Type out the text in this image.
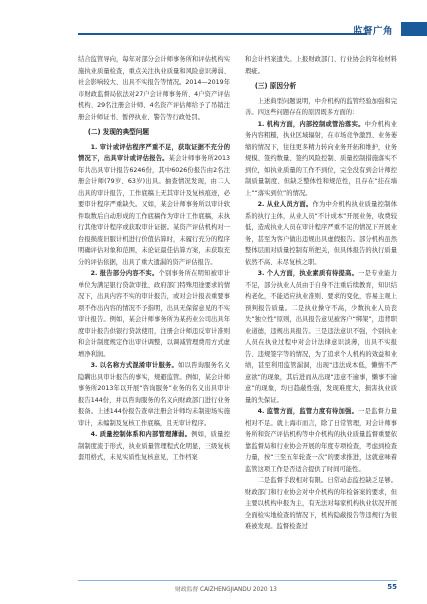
监督广角

结合监管导向，每年对部分会计师事务所和评估机构实施执业质量检查，重点关注执业质量和风险意识薄弱、社会影响较大、出具不实报告等情况。2014—2019年市财政监督局依法对27户会计师事务所、4户资产评估机构、29名注册会计师、4名资产评估师给予了吊销注册会计师证书、暂停执业、警告等行政处罚。

(二) 发现的典型问题

1. 审计或评估程序严重不足，获取证据不充分的情况下，出具审计或评估报告。某会计师事务所2013年共出具审计报告6246份，其中6026份报告由2名注册会计师(79岁、63岁)出具。抽查情况发现，由二人出具的审计报告，工作底稿上无其审计及复核痕迹，必要审计程序严重缺失。又如，某会计师事务所以审计软件取数后自动形成的工作底稿作为审计工作底稿，未执行其他审计程序或获取审计证据。某资产评估机构对一台报损废旧服计机进行价值估算时，未履行充分的程序明确评估对象和范围，未论证最佳估算方案，未获取充分的评估依据，出具了重大遗漏的资产评估报告。

2. 报告部分内容不实。个别事务所在明知被审计单位为满足银行贷款审批、政府部门特殊用途要求的情况下，出具内容不实的审计报告，或对会计报表重要事项不作出内容的情况不予指明，出具无保留意见的不实审计报告。例如，某会计师事务所为某药业公司出具年度审计报告供银行贷款使用，注册会计师违反审计准则和会计制度规定作出审计调整，以调减管理费用方式虚增净利润。

3. 以名称方式混淆审计服务。如以咨询服务名义隐瞒出具审计报告的事实，规避监管。例如，某会计师事务所2013年以开展“咨询服务”业务的名义出具审计报告144份，并以咨询服务的名义向财政部门进行业务报备。上述144份报告查章注册会计师均未制迎场实施审计，未编制及复核工作底稿，且无审计程序。

4. 质量控制体系和内部管理薄弱。例如，质量控制制度流于形式，执业质量管理程式化明显，三级复核套用格式，未见实质性复核意见，工作档案

和会计档案遗失。上报财政部门、行业协会的年检材料瑕疵。

(三) 原因分析

上述典型问题说明，中介机构的监管经验加强和完善。四这些问题存在的原因既多方面的：

1. 机构方面，内部控制或管治落实。中介机构业务内容粗糙，执业区域辐射，在市场竞争激烈、业务萎缩的情况下，往往更多精力转向业务开拓和维护，业务规模、签约数量、签约风险控制、质量控制措施落实不到位，如执业质量的工作不到位，完全没有到会计师控制质量制度、但缺乏整体性和规范性，且存在“挂在墙上”“落实到位”的情况。

2. 从业人员方面。作为中介机构执业质量控制体系的执行主体，从业人员“不计成本”开展业务，收费较低，造成执业人员在审计程序严重不足的情况下开展业务，甚至为客户做出违规出具虚假报告。部分机构虽然整体层面对质量控制有所把关，但具体报告的执行质量依然不高、未尽复核之职。

3. 个人方面，执业素质有待提高。一是专业能力不足，部分执业人员由于自身不注重后续教育，知识结构老化，不能适应执业准则、要求的变化，容易主观上预判报告质量。二是执业操守不高，少数执业人员丧失“独立性”原则，出具报告意见被客户“绑架”，违背职业道德，违规出具报告。三是违法意识不强，个别执业人员在执业过程中对会计法律意识淡薄，出具不实报告、违规签字等的情况，为了追求个人机构的效益和业绩，甚至利用监管漏洞，出现“违法成本低，懒惰不严意欲”的现象，其后进而从出现“违意不逾事，懒事不逾意”的现象，均日趋蔽性强，发现难度大，损害执业质量的失保证。

4. 监管方面，监管力度有待加强。一是监督力量相对不足。就上海市而言，除了日常管理，对会计师事务所和资产评估机构等中介机构的执业质量监督重要依靠监督局和行业协会开展的年度专项检查，考虑到检查力量，按“三至五年轮查一次”的要求推进，这就意味着监管这项工作是否适合提供了时间可能性。

二是监督手段相对有限。日常动态监控缺乏足够。财政部门和行业协会对中介机构的年检备案的要求，但主要以机构申报为主，有无法对每家机构执业状况开展全面检实地检查的情况下，机构隐蔽报告等违规行为很难被发现。监督检查过

财政监督 CAIZHENGJIANDU 2020 13	55
